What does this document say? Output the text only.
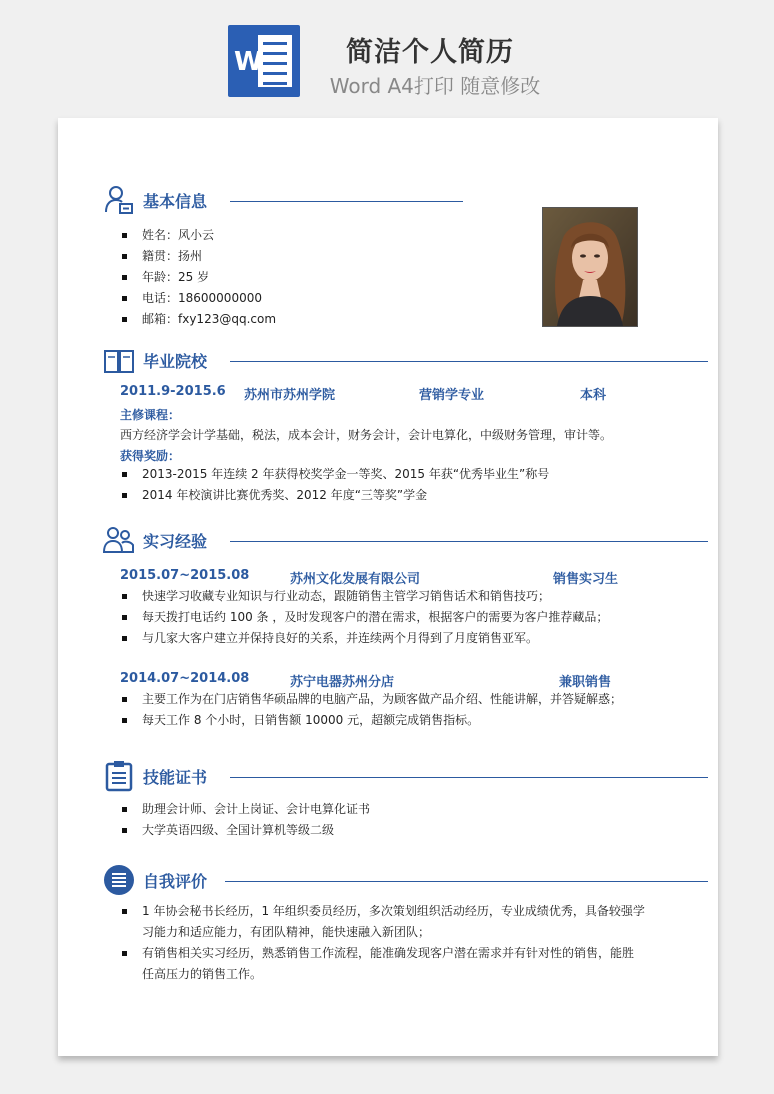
W	简洁个人简历
Word A4打印 随意修改
基本信息
姓名：风小云
籍贯：扬州
年龄：25 岁
电话：18600000000
邮箱：fxy123@qq.com
毕业院校
2011.9-2015.6 苏州市苏州学院	营销学专业	本科
主修课程：
西方经济学会计学基础，税法，成本会计，财务会计，会计电算化，中级财务管理，审计等。
获得奖励：
2013-2015 年连续 2 年获得校奖学金一等奖、2015 年获“优秀毕业生”称号
2014 年校演讲比赛优秀奖、2012 年度“三等奖”学金
实习经验
2015.07~2015.08	苏州文化发展有限公司	销售实习生
快速学习收藏专业知识与行业动态，跟随销售主管学习销售话术和销售技巧；
每天拨打电话约 100 条 ，及时发现客户的潜在需求，根据客户的需要为客户推荐藏品；
与几家大客户建立并保持良好的关系，并连续两个月得到了月度销售亚军。
2014.07~2014.08	苏宁电器苏州分店	兼职销售
主要工作为在门店销售华硕品牌的电脑产品，为顾客做产品介绍、性能讲解，并答疑解惑；
每天工作 8 个小时，日销售额 10000 元，超额完成销售指标。
技能证书
助理会计师、会计上岗证、会计电算化证书
大学英语四级、全国计算机等级二级
自我评价
1 年协会秘书长经历，1 年组织委员经历，多次策划组织活动经历，专业成绩优秀，具备较强学
习能力和适应能力，有团队精神，能快速融入新团队；
有销售相关实习经历，熟悉销售工作流程，能准确发现客户潜在需求并有针对性的销售，能胜
任高压力的销售工作。
